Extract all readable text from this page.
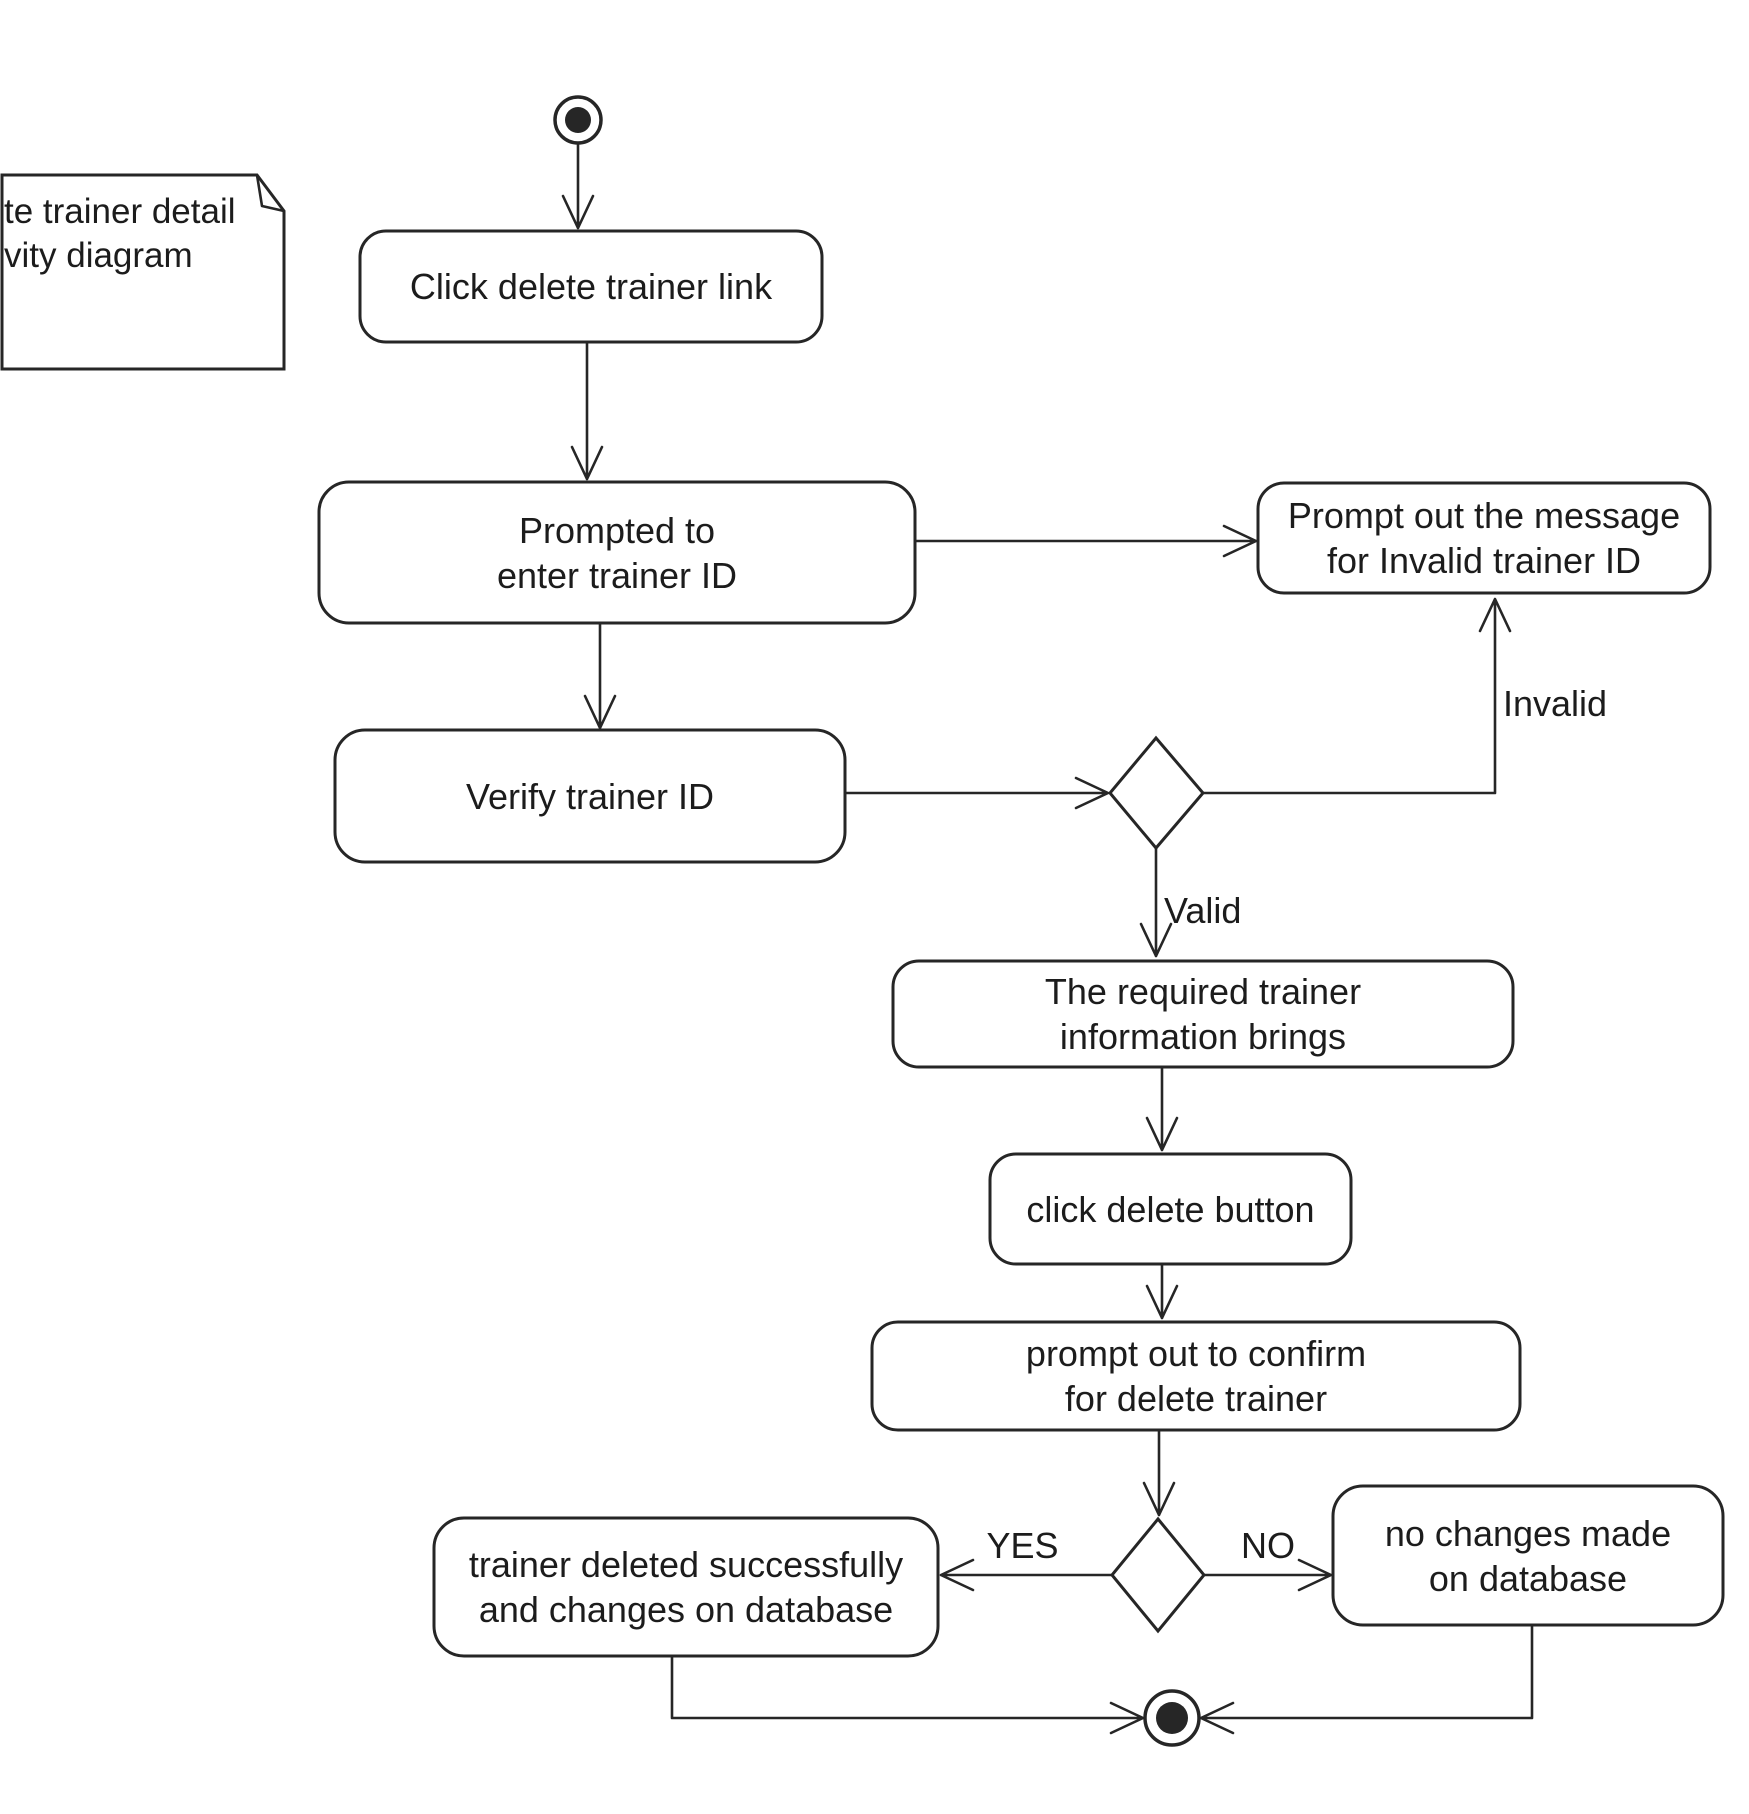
te trainer detail
vity diagram
Click delete trainer link
Prompted to
enter trainer ID
Prompt out the message
for Invalid trainer ID
Verify trainer ID
The required trainer
information brings
click delete button
prompt out to confirm
for delete trainer
trainer deleted successfully
and changes on database
no changes made
on database
Invalid
Valid
YES	NO
